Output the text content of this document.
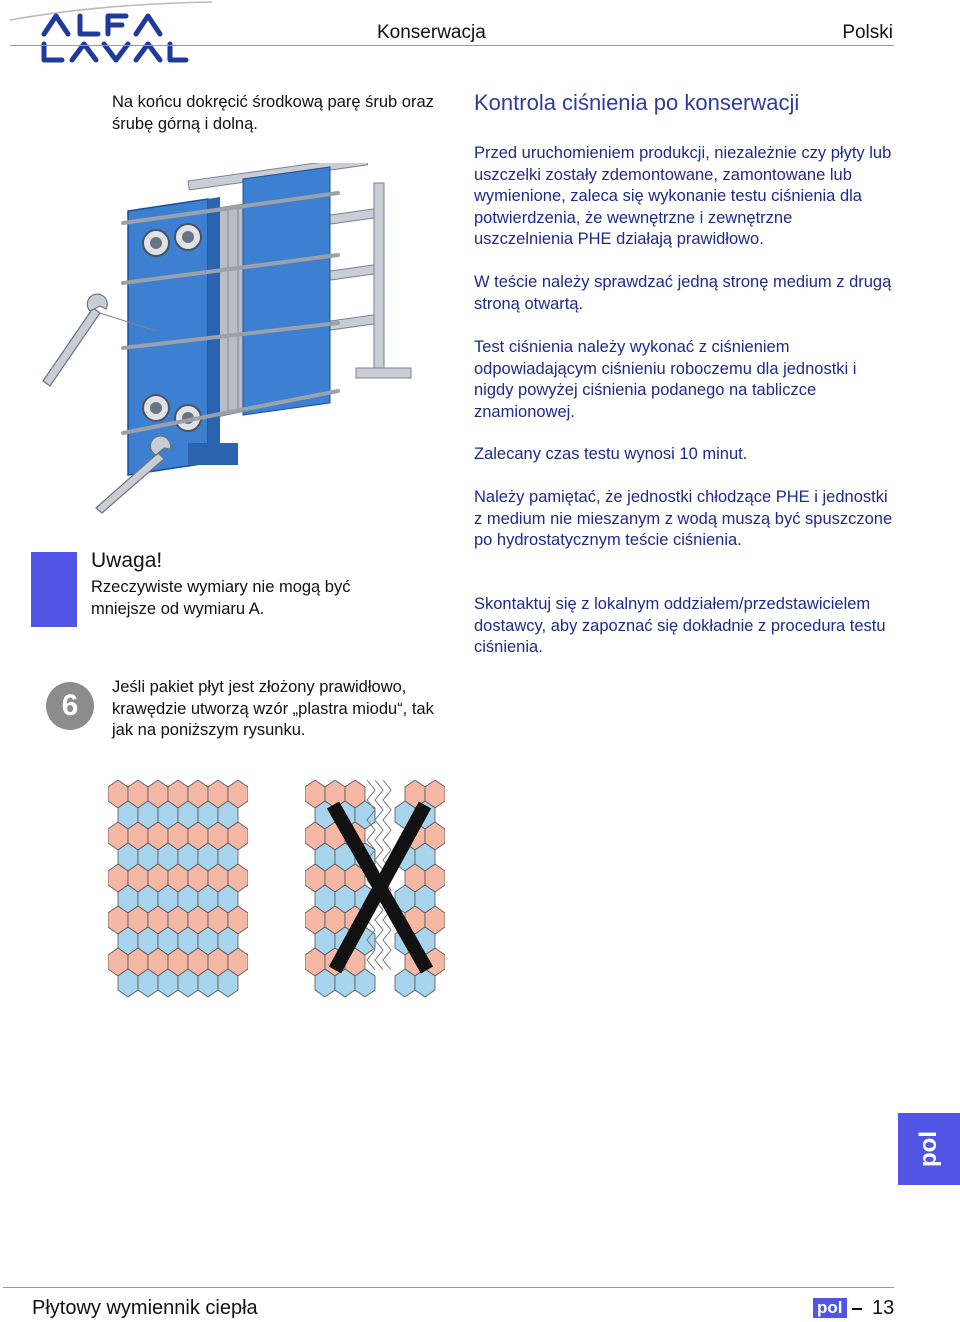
Konserwacja	Polski
Na końcu dokręcić środkową parę śrub oraz śrubę górną i dolną.
Uwaga!
Rzeczywiste wymiary nie mogą być mniejsze od wymiaru A.
6
Jeśli pakiet płyt jest złożony prawidłowo, krawędzie utworzą wzór „plastra miodu“, tak jak na poniższym rysunku.
Kontrola ciśnienia po konserwacji
Przed uruchomieniem produkcji, niezależnie czy płyty lub uszczelki zostały zdemontowane, zamontowane lub wymienione, zaleca się wykonanie testu ciśnienia dla potwierdzenia, że wewnętrzne i zewnętrzne uszczelnienia PHE działają prawidłowo.
W teście należy sprawdzać jedną stronę medium z drugą stroną otwartą.
Test ciśnienia należy wykonać z ciśnieniem odpowiadającym ciśnieniu roboczemu dla jednostki i nigdy powyżej ciśnienia podanego na tabliczce znamionowej.
Zalecany czas testu wynosi 10 minut.
Należy pamiętać, że jednostki chłodzące PHE i jednostki z medium nie mieszanym z wodą muszą być spuszczone po hydrostatycznym teście ciśnienia.
Skontaktuj się z lokalnym oddziałem/przedstawicielem dostawcy, aby zapoznać się dokładnie z procedura testu ciśnienia.
pol
Płytowy wymiennik ciepła	pol 13
